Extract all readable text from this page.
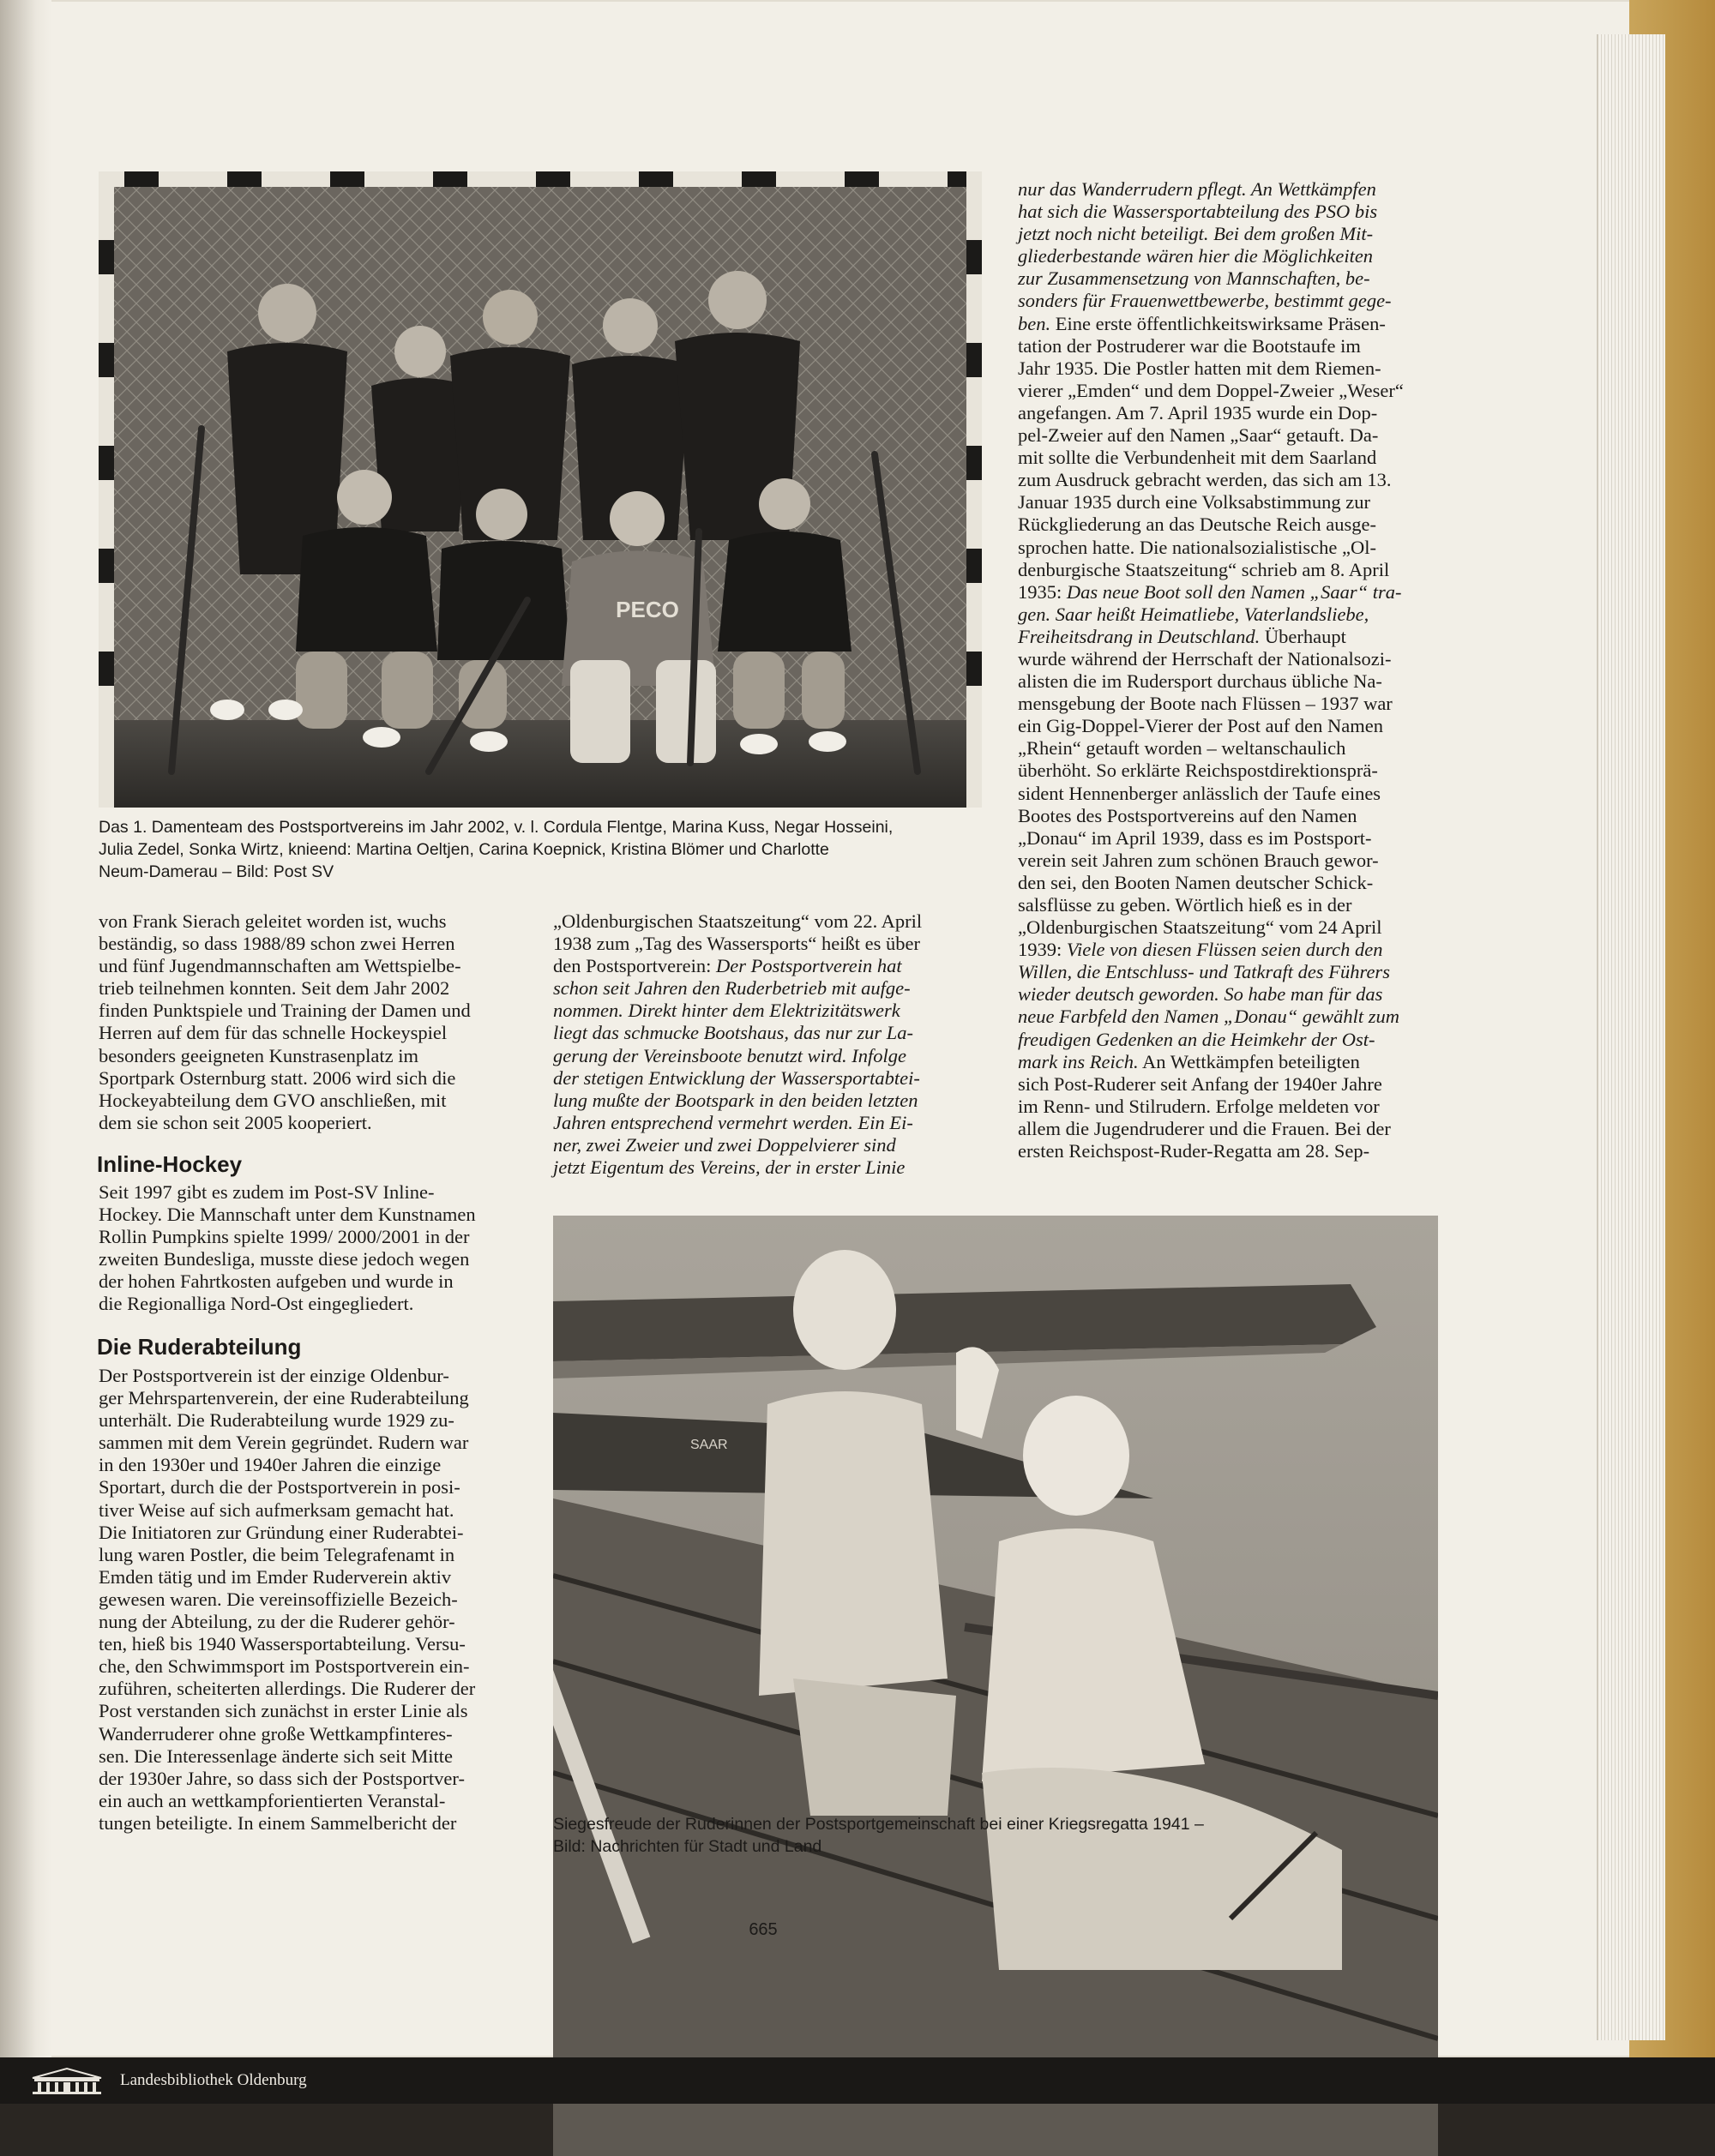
PECO

Das 1. Damenteam des Postsportvereins im Jahr 2002, v. l. Cordula Flentge, Marina Kuss, Negar Hosseini,
Julia Zedel, Sonka Wirtz, knieend: Martina Oeltjen, Carina Koepnick, Kristina Blömer und Charlotte
Neum-Damerau – Bild: Post SV

nur das Wanderrudern pflegt. An Wettkämpfen
hat sich die Wassersportabteilung des PSO bis
jetzt noch nicht beteiligt. Bei dem großen Mit-
gliederbestande wären hier die Möglichkeiten
zur Zusammensetzung von Mannschaften, be-
sonders für Frauenwettbewerbe, bestimmt gege-
ben. Eine erste öffentlichkeitswirksame Präsen-
tation der Postruderer war die Bootstaufe im
Jahr 1935. Die Postler hatten mit dem Riemen-
vierer „Emden“ und dem Doppel-Zweier „Weser“
angefangen. Am 7. April 1935 wurde ein Dop-
pel-Zweier auf den Namen „Saar“ getauft. Da-
mit sollte die Verbundenheit mit dem Saarland
zum Ausdruck gebracht werden, das sich am 13.
Januar 1935 durch eine Volksabstimmung zur
Rückgliederung an das Deutsche Reich ausge-
sprochen hatte. Die nationalsozialistische „Ol-
denburgische Staatszeitung“ schrieb am 8. April
1935: Das neue Boot soll den Namen „Saar“ tra-
gen. Saar heißt Heimatliebe, Vaterlandsliebe,
Freiheitsdrang in Deutschland. Überhaupt
wurde während der Herrschaft der Nationalsozi-
alisten die im Rudersport durchaus übliche Na-
mensgebung der Boote nach Flüssen – 1937 war
ein Gig-Doppel-Vierer der Post auf den Namen
„Rhein“ getauft worden – weltanschaulich
überhöht. So erklärte Reichspostdirektionsprä-
sident Hennenberger anlässlich der Taufe eines
Bootes des Postsportvereins auf den Namen
„Donau“ im April 1939, dass es im Postsport-
verein seit Jahren zum schönen Brauch gewor-
den sei, den Booten Namen deutscher Schick-
salsflüsse zu geben. Wörtlich hieß es in der
„Oldenburgischen Staatszeitung“ vom 24 April
1939: Viele von diesen Flüssen seien durch den
Willen, die Entschluss- und Tatkraft des Führers
wieder deutsch geworden. So habe man für das
neue Farbfeld den Namen „Donau“ gewählt zum
freudigen Gedenken an die Heimkehr der Ost-
mark ins Reich. An Wettkämpfen beteiligten
sich Post-Ruderer seit Anfang der 1940er Jahre
im Renn- und Stilrudern. Erfolge meldeten vor
allem die Jugendruderer und die Frauen. Bei der
ersten Reichspost-Ruder-Regatta am 28. Sep-

von Frank Sierach geleitet worden ist, wuchs
beständig, so dass 1988/89 schon zwei Herren
und fünf Jugendmannschaften am Wettspielbe-
trieb teilnehmen konnten. Seit dem Jahr 2002
finden Punktspiele und Training der Damen und
Herren auf dem für das schnelle Hockeyspiel
besonders geeigneten Kunstrasenplatz im
Sportpark Osternburg statt. 2006 wird sich die
Hockeyabteilung dem GVO anschließen, mit
dem sie schon seit 2005 kooperiert.

Inline-Hockey

Seit 1997 gibt es zudem im Post-SV Inline-
Hockey. Die Mannschaft unter dem Kunstnamen
Rollin Pumpkins spielte 1999/ 2000/2001 in der
zweiten Bundesliga, musste diese jedoch wegen
der hohen Fahrtkosten aufgeben und wurde in
die Regionalliga Nord-Ost eingegliedert.

Die Ruderabteilung

Der Postsportverein ist der einzige Oldenbur-
ger Mehrspartenverein, der eine Ruderabteilung
unterhält. Die Ruderabteilung wurde 1929 zu-
sammen mit dem Verein gegründet. Rudern war
in den 1930er und 1940er Jahren die einzige
Sportart, durch die der Postsportverein in posi-
tiver Weise auf sich aufmerksam gemacht hat.
Die Initiatoren zur Gründung einer Ruderabtei-
lung waren Postler, die beim Telegrafenamt in
Emden tätig und im Emder Ruderverein aktiv
gewesen waren. Die vereinsoffizielle Bezeich-
nung der Abteilung, zu der die Ruderer gehör-
ten, hieß bis 1940 Wassersportabteilung. Versu-
che, den Schwimmsport im Postsportverein ein-
zuführen, scheiterten allerdings. Die Ruderer der
Post verstanden sich zunächst in erster Linie als
Wanderruderer ohne große Wettkampfinteres-
sen. Die Interessenlage änderte sich seit Mitte
der 1930er Jahre, so dass sich der Postsportver-
ein auch an wettkampforientierten Veranstal-
tungen beteiligte. In einem Sammelbericht der

„Oldenburgischen Staatszeitung“ vom 22. April
1938 zum „Tag des Wassersports“ heißt es über
den Postsportverein: Der Postsportverein hat
schon seit Jahren den Ruderbetrieb mit aufge-
nommen. Direkt hinter dem Elektrizitätswerk
liegt das schmucke Bootshaus, das nur zur La-
gerung der Vereinsboote benutzt wird. Infolge
der stetigen Entwicklung der Wassersportabtei-
lung mußte der Bootspark in den beiden letzten
Jahren entsprechend vermehrt werden. Ein Ei-
ner, zwei Zweier und zwei Doppelvierer sind
jetzt Eigentum des Vereins, der in erster Linie

SAAR

Siegesfreude der Ruderinnen der Postsportgemeinschaft bei einer Kriegsregatta 1941 –
Bild: Nachrichten für Stadt und Land

665
Landesbibliothek Oldenburg
